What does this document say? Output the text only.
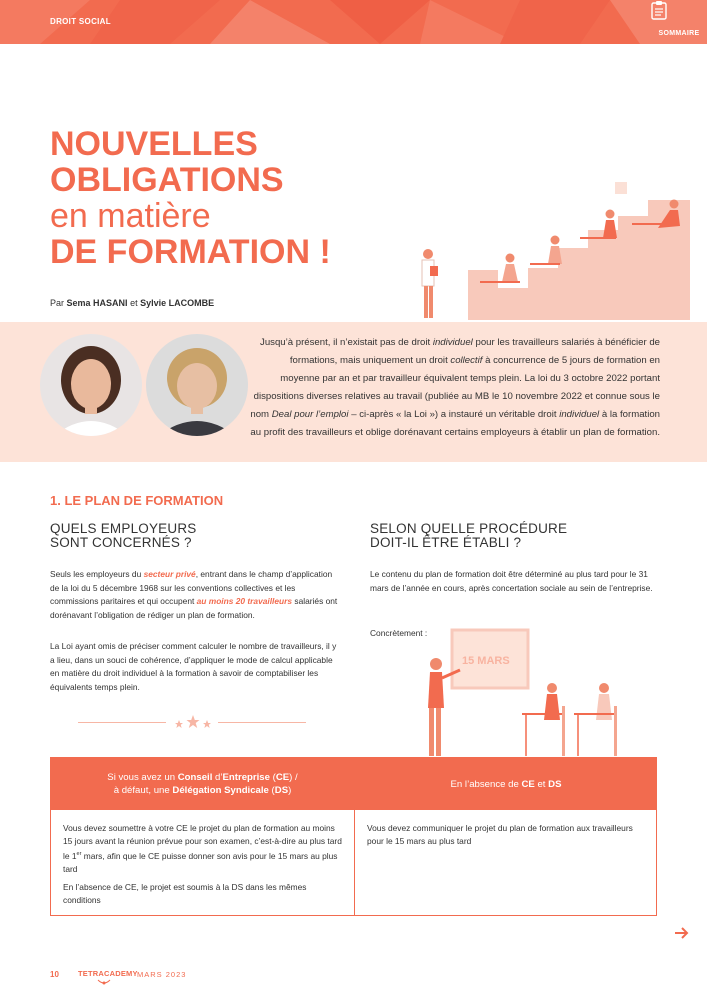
DROIT SOCIAL
SOMMAIRE
NOUVELLES
OBLIGATIONS
en matière
DE FORMATION !
Par Sema HASANI et Sylvie LACOMBE

Jusqu’à présent, il n’existait pas de droit individuel pour les travailleurs salariés à bénéficier de formations, mais uniquement un droit collectif à concurrence de 5 jours de formation en moyenne par an et par travailleur équivalent temps plein. La loi du 3 octobre 2022 portant dispositions diverses relatives au travail (publiée au MB le 10 novembre 2022 et connue sous le nom Deal pour l’emploi – ci-après « la Loi ») a instauré un véritable droit individuel à la formation au profit des travailleurs et oblige dorénavant certains employeurs à établir un plan de formation.

1. LE PLAN DE FORMATION
QUELS EMPLOYEURS
SONT CONCERNÉS ?
SELON QUELLE PROCÉDURE
DOIT-IL ÊTRE ÉTABLI ?

Seuls les employeurs du secteur privé, entrant dans le champ d’application de la loi du 5 décembre 1968 sur les conventions collectives et les commissions paritaires et qui occupent au moins 20 travailleurs salariés ont dorénavant l’obligation de rédiger un plan de formation.

La Loi ayant omis de préciser comment calculer le nombre de travailleurs, il y a lieu, dans un souci de cohérence, d’appliquer le mode de calcul applicable en matière du droit individuel à la formation à savoir de comptabiliser les équivalents temps plein.

Le contenu du plan de formation doit être déterminé au plus tard pour le 31 mars de l’année en cours, après concertation sociale au sein de l’entreprise.

Concrètement :

15 MARS
Si vous avez un Conseil d’Entreprise (CE) /
à défaut, une Délégation Syndicale (DS)
En l’absence de CE et DS

Vous devez soumettre à votre CE le projet du plan de formation au moins 15 jours avant la réunion prévue pour son examen, c’est-à-dire au plus tard le 1er mars, afin que le CE puisse donner son avis pour le 15 mars au plus tard

En l’absence de CE, le projet est soumis à la DS dans les mêmes conditions

Vous devez communiquer le projet du plan de formation aux travailleurs pour le 15 mars au plus tard

10	TETRACADEMY MARS 2023
